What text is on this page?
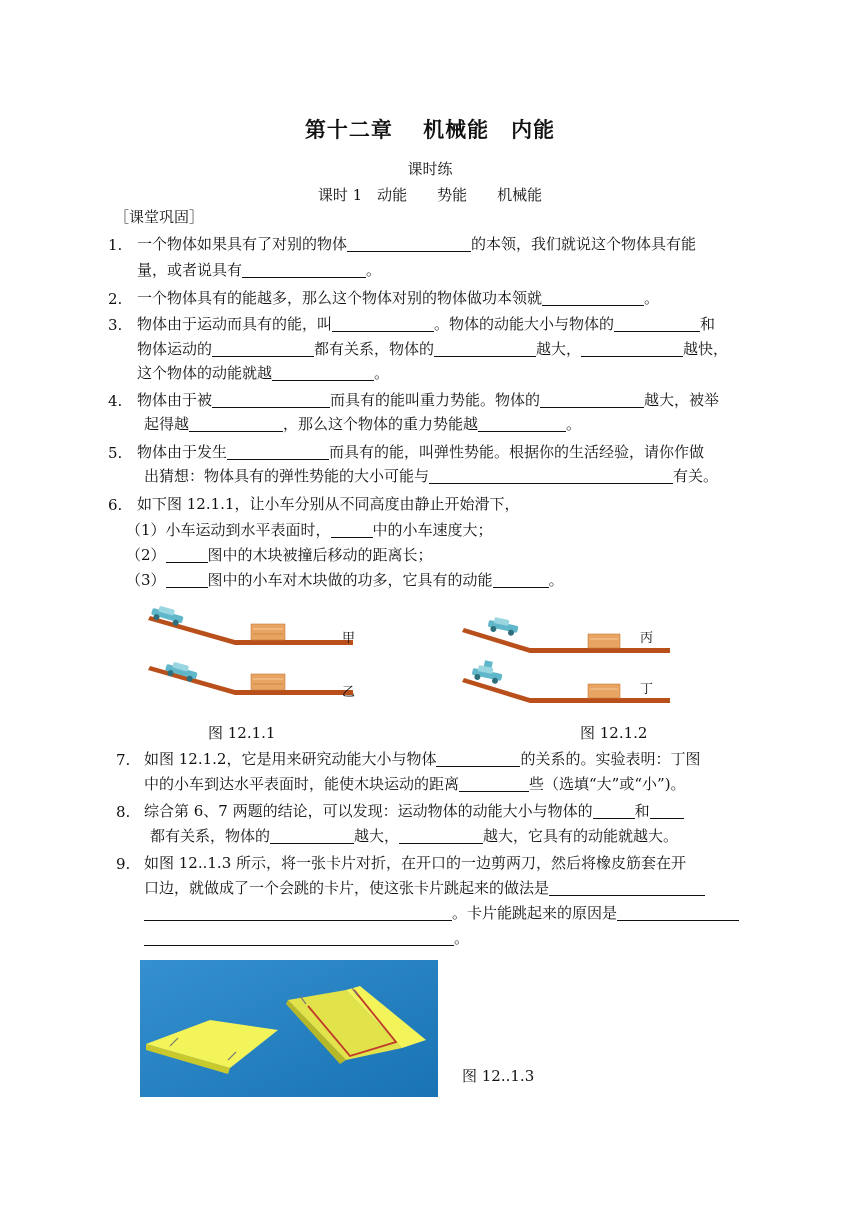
第十二章　 机械能　内能
课时练
课时 1　动能　　势能　　机械能
［课堂巩固］
1. 一个物体如果具有了对别的物体	的本领，我们就说这个物体具有能
量，或者说具有	。
2. 一个物体具有的能越多，那么这个物体对别的物体做功本领就	。
3. 物体由于运动而具有的能，叫	。物体的动能大小与物体的	和
物体运动的	都有关系，物体的	越大，	越快，
这个物体的动能就越	。
4. 物体由于被	而具有的能叫重力势能。物体的	越大，被举
起得越	，那么这个物体的重力势能越	。
5. 物体由于发生	而具有的能，叫弹性势能。根据你的生活经验，请你作做
出猜想：物体具有的弹性势能的大小可能与	有关。
6. 如下图 12.1.1，让小车分别从不同高度由静止开始滑下，
（1）小车运动到水平表面时，	中的小车速度大；
（2）	图中的木块被撞后移动的距离长；
（3）	图中的小车对木块做的功多，它具有的动能	。
甲
乙
图 12.1.1
丙
丁
图 12.1.2
7. 如图 12.1.2，它是用来研究动能大小与物体	的关系的。实验表明：丁图
中的小车到达水平表面时，能使木块运动的距离	些（选填“大”或“小”)。
8. 综合第 6、7 两题的结论，可以发现：运动物体的动能大小与物体的	和
都有关系，物体的	越大，	越大，它具有的动能就越大。
9. 如图 12..1.3 所示，将一张卡片对折，在开口的一边剪两刀，然后将橡皮筋套在开
口边，就做成了一个会跳的卡片，使这张卡片跳起来的做法是
。卡片能跳起来的原因是
。
图 12..1.3
